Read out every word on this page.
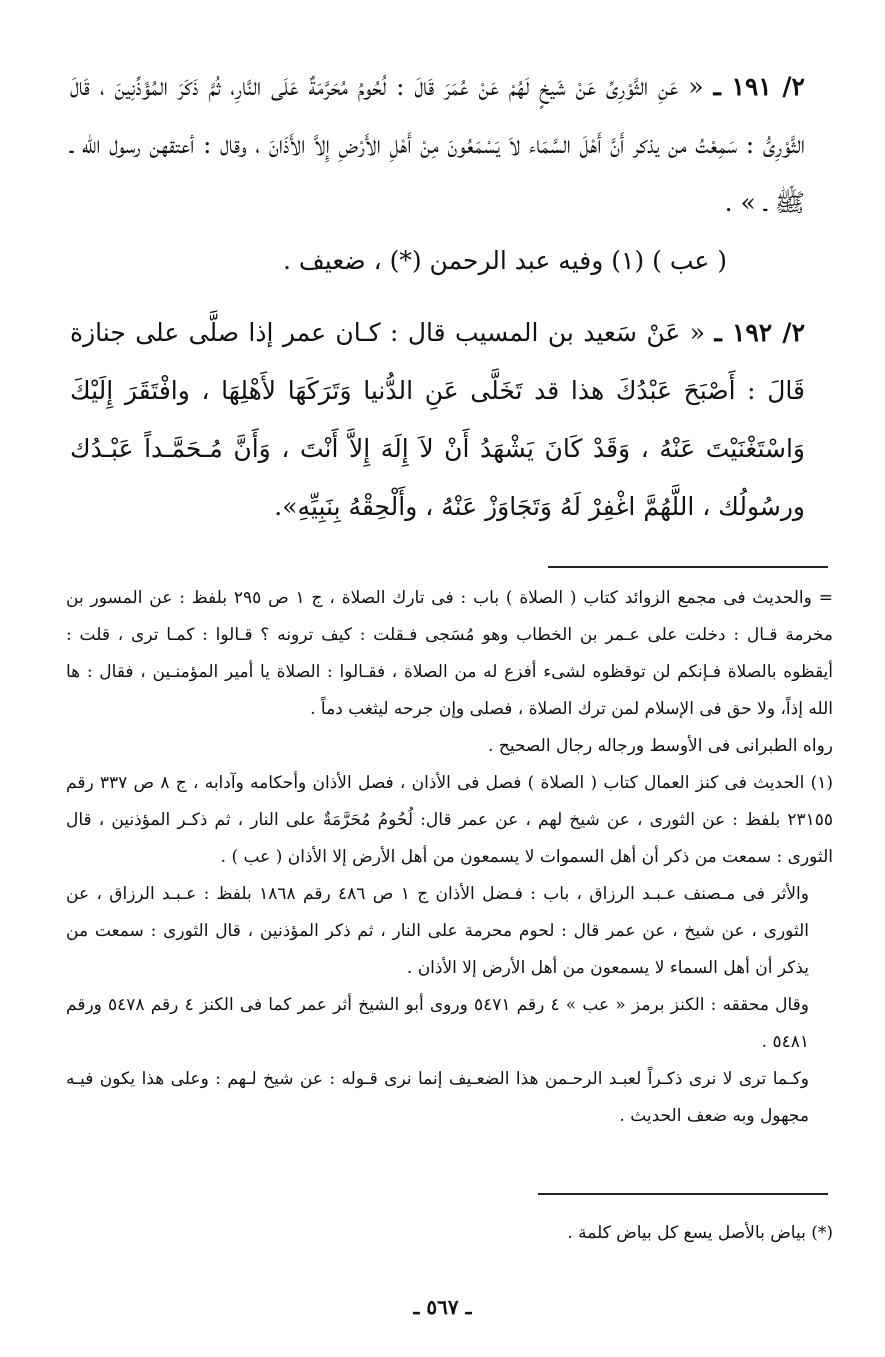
٢/ ١٩١ ـ « عَنِ الثَّوْرِىِّ عَنْ شَيخٍ لَهُمْ عَنْ عُمَرَ قَالَ : لُحُومُ مُحَرَّمَةٌ عَلَى النَّارِ، ثُمَّ ذَكَرَ المُؤَذِّنِينَ ، قَالَ الثَّوْرِىُّ : سَمِعْتُ من يذكر أَنَّ أَهْلَ السَّمَاء لاَ يَسْمَعُونَ مِنْ أَهْلِ الأَرْضِ إِلاَّ الأَذَانَ ، وقال : أعتقهن رسول الله ـ ﷺ ـ » .

( عب ) (١) وفيه عبد الرحمن (*) ، ضعيف .

٢/ ١٩٢ ـ « عَنْ سَعيد بن المسيب قال : كـان عمر إذا صلَّى على جنازة قَالَ : أَصْبَحَ عَبْدُكَ هذا قد تَخَلَّى عَنِ الدُّنيا وَتَرَكَهَا لأَهْلِهَا ، وافْتَقَرَ إِلَيْكَ وَاسْتَغْنَيْتَ عَنْهُ ، وَقَدْ كَانَ يَشْهَدُ أَنْ لاَ إِلَهَ إِلاَّ أَنْتَ ، وَأَنَّ مُـحَمَّـداً عَبْـدُك ورسُولُك ، اللَّهُمَّ اغْفِرْ لَهُ وَتَجَاوَزْ عَنْهُ ، وأَلْحِقْهُ بِنَبِيِّهِ».

= والحديث فى مجمع الزوائد كتاب ( الصلاة ) باب : فى تارك الصلاة ، ج ١ ص ٢٩٥ بلفظ : عن المسور بن مخرمة قـال : دخلت على عـمر بن الخطاب وهو مُسَجى فـقلت : كيف ترونه ؟ قـالوا : كمـا ترى ، قلت : أيقظوه بالصلاة فـإنكم لن توقظوه لشىء أفزع له من الصلاة ، فقـالوا : الصلاة يا أمير المؤمنـين ، فقال : ها الله إذاً، ولا حق فى الإسلام لمن ترك الصلاة ، فصلى وإن جرحه ليثغب دماً .

رواه الطبرانى فى الأوسط ورجاله رجال الصحيح .

(١) الحديث فى كنز العمال كتاب ( الصلاة ) فصل فى الأذان ، فصل الأذان وأحكامه وآدابه ، ج ٨ ص ٣٣٧ رقم ٢٣١٥٥ بلفظ : عن الثورى ، عن شيخ لهم ، عن عمر قال: لُحُومُ مُحَرَّمَةٌ على النار ، ثم ذكـر المؤذنين ، قال الثورى : سمعت من ذكر أن أهل السموات لا يسمعون من أهل الأرض إلا الأذان ( عب ) .

والأثر فى مـصنف عـبـد الرزاق ، باب : فـضل الأذان ج ١ ص ٤٨٦ رقم ١٨٦٨ بلفظ : عـبـد الرزاق ، عن الثورى ، عن شيخ ، عن عمر قال : لحوم محرمة على النار ، ثم ذكر المؤذنين ، قال الثورى : سمعت من يذكر أن أهل السماء لا يسمعون من أهل الأرض إلا الأذان .

وقال محققه : الكنز برمز « عب » ٤ رقم ٥٤٧١ وروى أبو الشيخ أثر عمر كما فى الكنز ٤ رقم ٥٤٧٨ ورقم ٥٤٨١ .

وكـما ترى لا نرى ذكـراً لعبـد الرحـمن هذا الضعـيف إنما نرى قـوله : عن شيخ لـهم : وعلى هذا يكون فيـه مجهول وبه ضعف الحديث .

(*) بياض بالأصل يسع كل بياض كلمة .

ـ ٥٦٧ ـ
